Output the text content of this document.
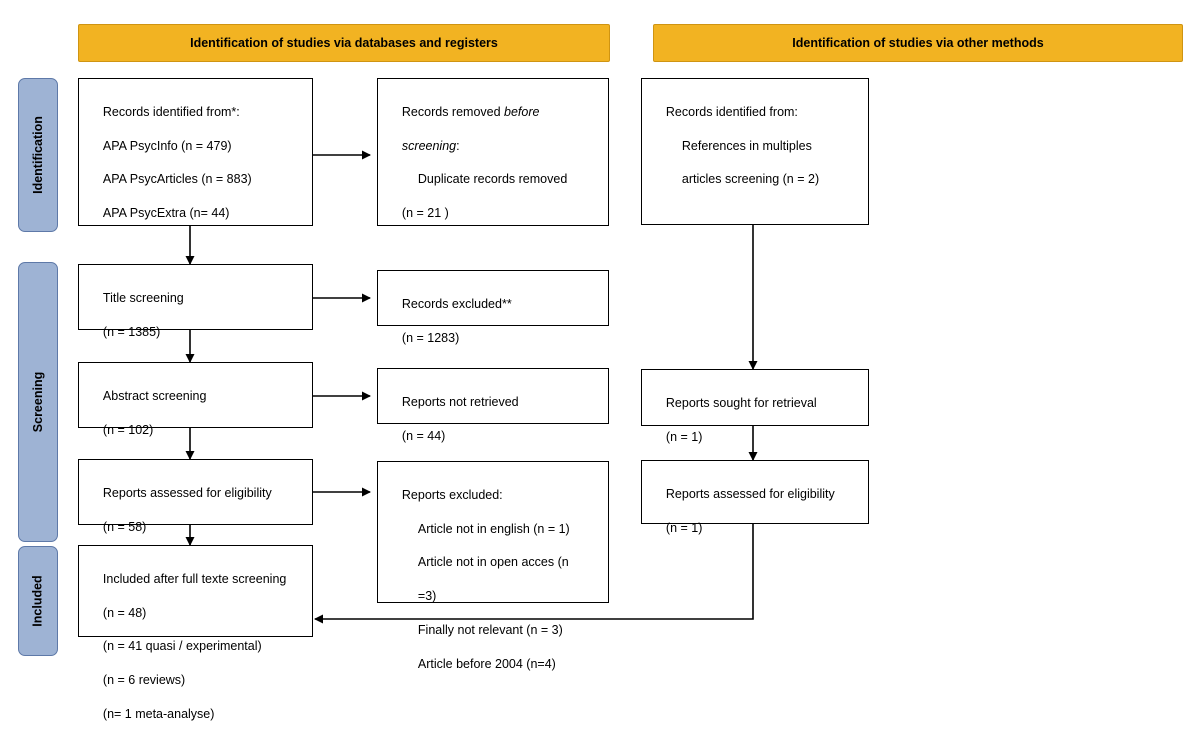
Identification of studies via databases and registers	Identification of studies via other methods
Identification
Screening
Included

Records identified from*:

APA PsycInfo (n = 479)

APA PsycArticles (n = 883)

APA PsycExtra (n= 44)

Title screening

(n = 1385)

Abstract screening

(n = 102)

Reports assessed for eligibility

(n = 58)

Included after full texte screening

(n = 48)

(n = 41 quasi / experimental)

(n = 6 reviews)

(n= 1 meta-analyse)

Records removed before

screening:

Duplicate records removed

(n = 21 )

Records excluded**

(n = 1283)

Reports not retrieved

(n = 44)

Reports excluded:

Article not in english (n = 1)

Article not in open acces (n

=3)

Finally not relevant (n = 3)

Article before 2004 (n=4)

Records identified from:

References in multiples

articles screening (n = 2)

Reports sought for retrieval

(n = 1)

Reports assessed for eligibility

(n = 1)
